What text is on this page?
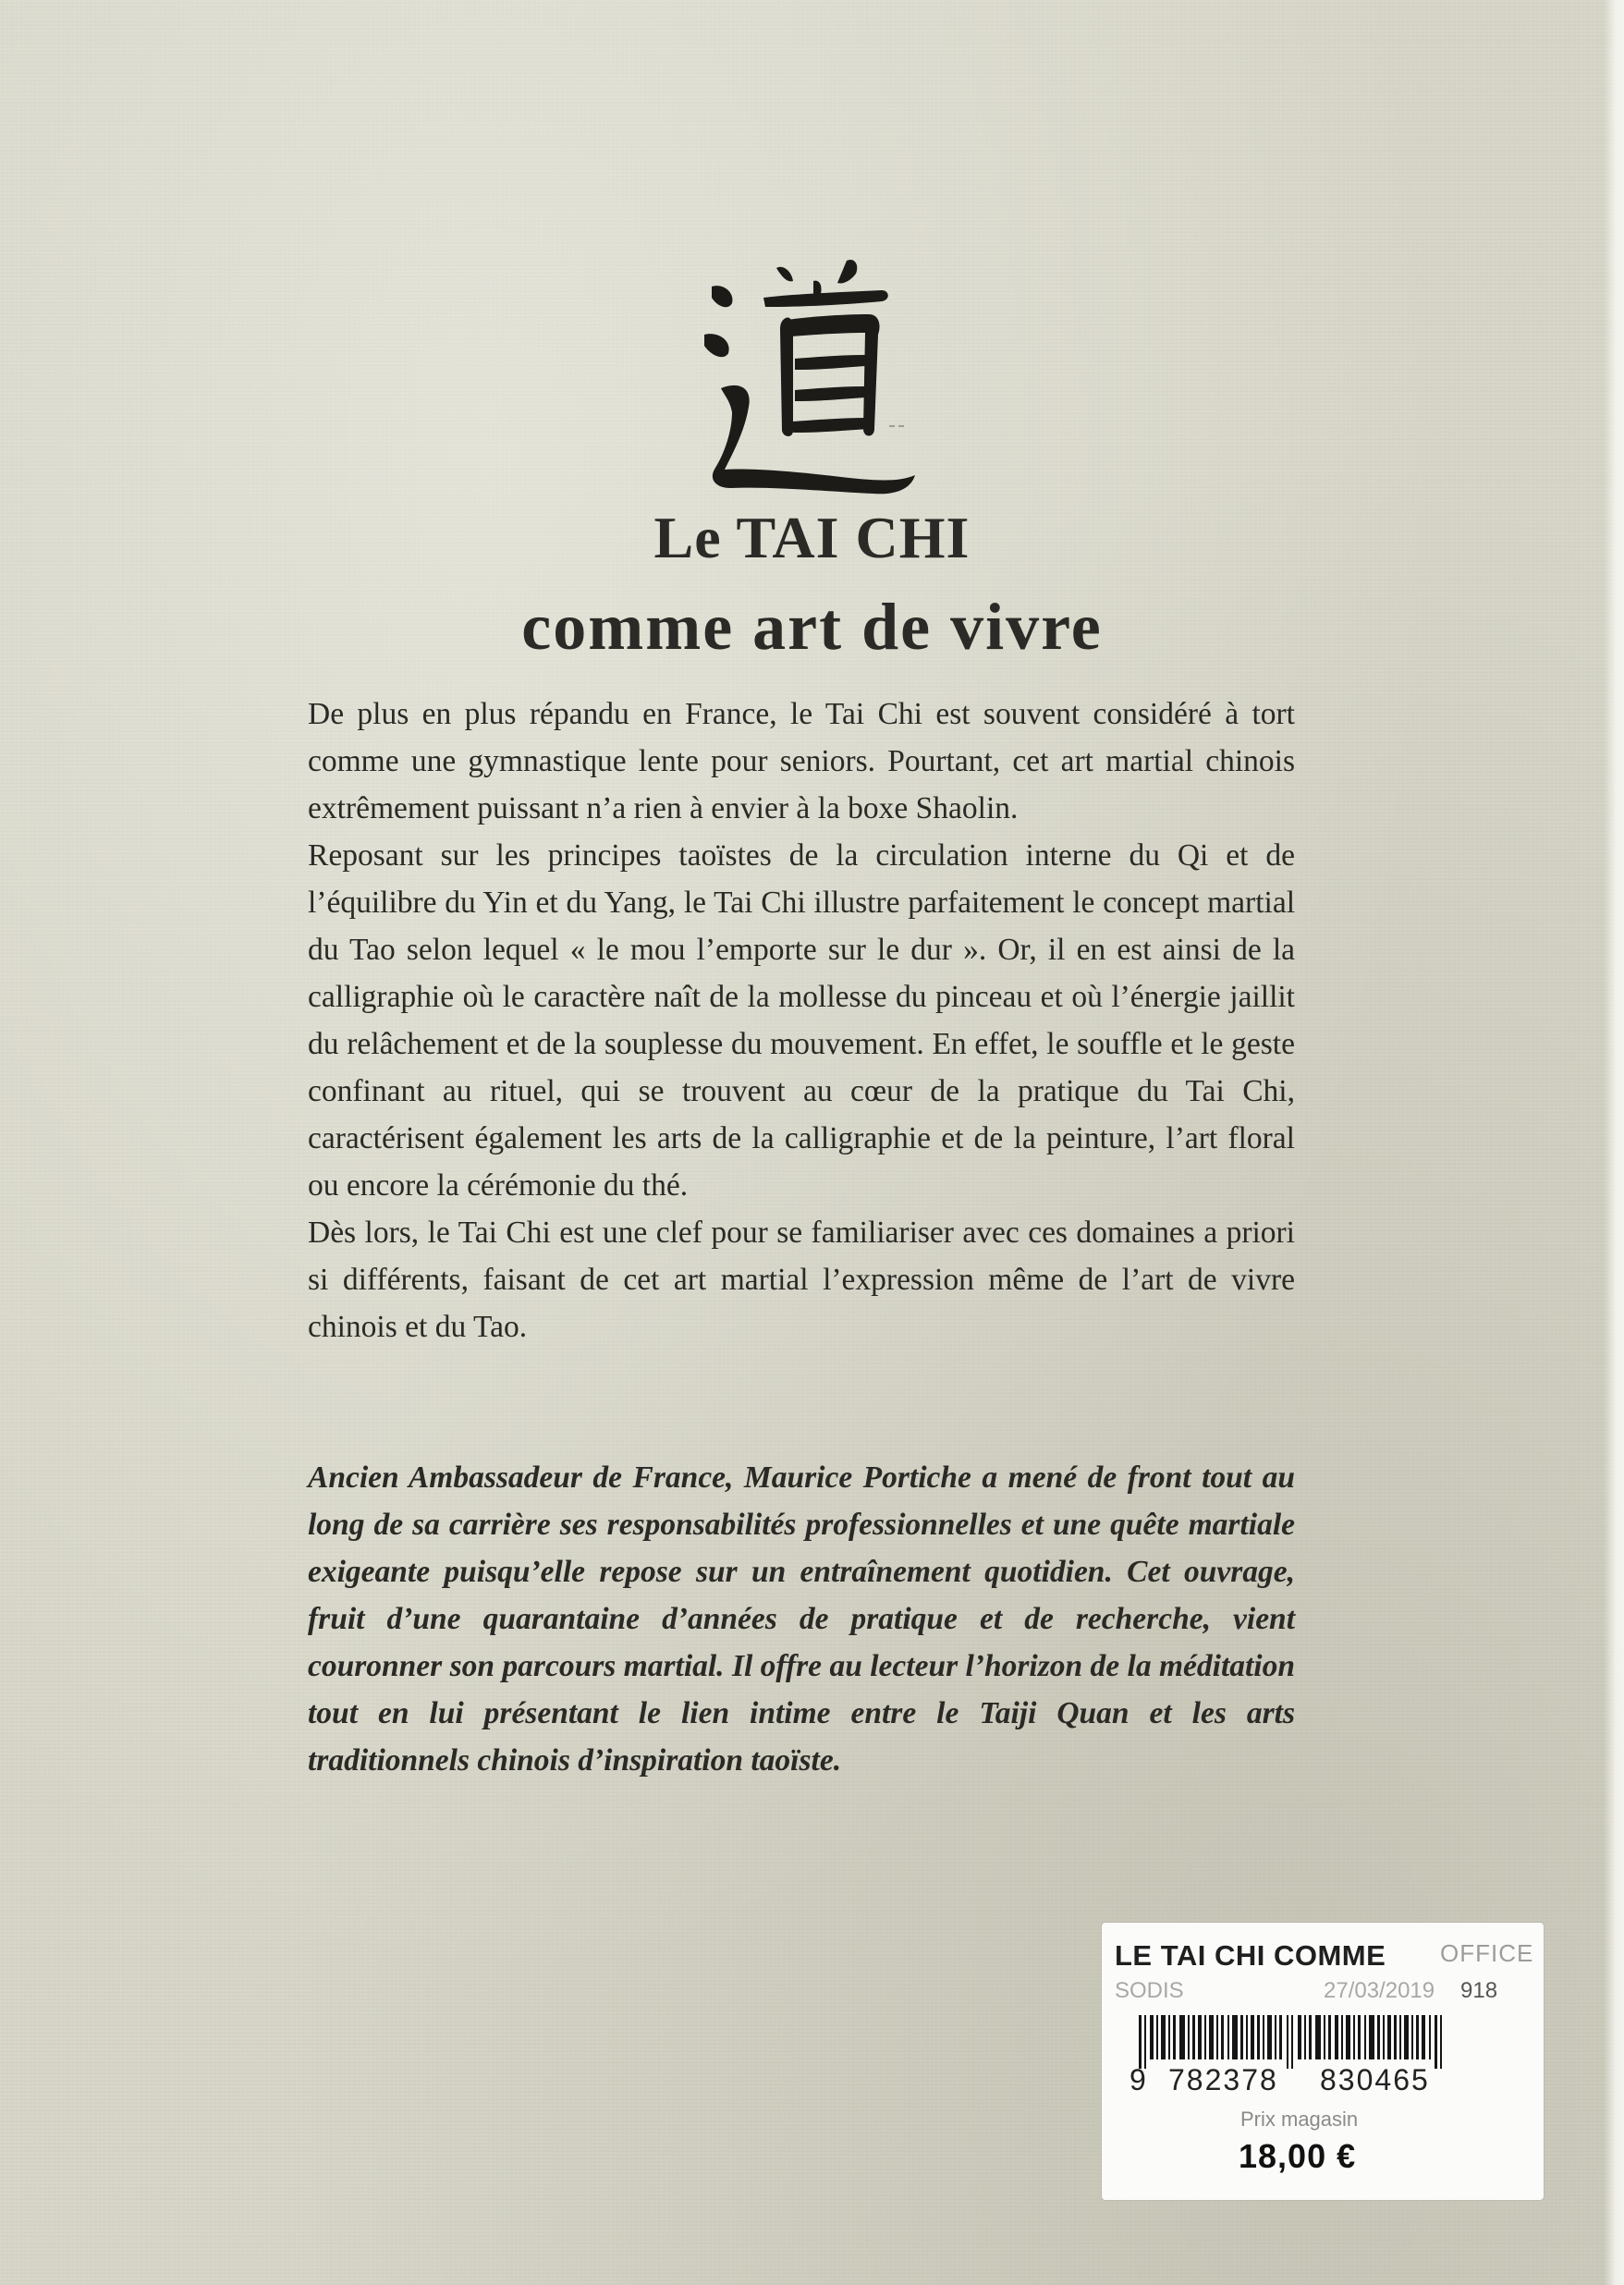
Le TAI CHI
comme art de vivre

De plus en plus répandu en France, le Tai Chi est souvent considéré à tort comme une gymnastique lente pour seniors. Pourtant, cet art martial chinois extrêmement puissant n’a rien à envier à la boxe Shaolin.

Reposant sur les principes taoïstes de la circulation interne du Qi et de l’équilibre du Yin et du Yang, le Tai Chi illustre parfaitement le concept martial du Tao selon lequel « le mou l’emporte sur le dur ». Or, il en est ainsi de la calligraphie où le caractère naît de la mollesse du pinceau et où l’énergie jaillit du relâchement et de la souplesse du mouvement. En effet, le souffle et le geste confinant au rituel, qui se trouvent au cœur de la pratique du Tai Chi, caractérisent également les arts de la calligraphie et de la peinture, l’art floral ou encore la cérémonie du thé.

Dès lors, le Tai Chi est une clef pour se familiariser avec ces domaines a priori si différents, faisant de cet art martial l’expression même de l’art de vivre chinois et du Tao.

Ancien Ambassadeur de France, Maurice Portiche a mené de front tout au long de sa carrière ses responsabilités professionnelles et une quête martiale exigeante puisqu’elle repose sur un entraînement quotidien. Cet ouvrage, fruit d’une quarantaine d’années de pratique et de recherche, vient couronner son parcours martial. Il offre au lecteur l’horizon de la méditation tout en lui présentant le lien intime entre le Taiji Quan et les arts traditionnels chinois d’inspiration taoïste.

LE TAI CHI COMME OFFICE
SODIS	27/03/2019 918
9 782378 830465
Prix magasin
18,00 €
